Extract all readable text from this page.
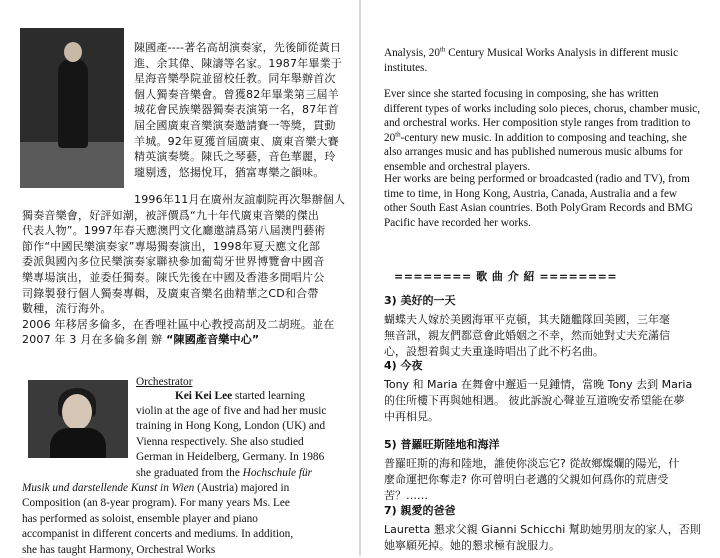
陳國產----著名高胡演奏家，先後師從黃日
進、余其偉、陳濤等名家。1987年畢業于
星海音樂學院並留校任教。同年舉辦首次
個人獨奏音樂會。曾獲82年畢業第三屆羊
城花會民族樂器獨奏表演第一名，87年首
屆全國廣東音樂演奏邀請賽一等獎，貫動
羊城。92年夏獲首屆廣東、廣東音樂大賽
精英演奏獎。陳氏之琴藝，音色華麗，玲
瓏剔透，悠揚悅耳，猶富專樂之韻味。
1996年11月在廣州友誼劇院再次舉辦個人
獨奏音樂會，好評如潮，被評價爲“九十年代廣東音樂的傑出
代表人物”。1997年春天應澳門文化廳邀請爲第八屆澳門藝術
節作“中國民樂演奏家”專場獨奏演出，1998年夏天應文化部
委派與國內多位民樂演奏家聯袂參加葡萄牙世界博覽會中國音
樂專場演出，並委任獨奏。陳氏先後在中國及香港多間唱片公
司錄製發行個人獨奏專輯，及廣東音樂名曲精華之CD和合帶
數種，流行海外。
2006 年移居多倫多，在香哩社區中心教授高胡及二胡班。並在
2007 年 3 月在多倫多創 辦 “陳國產音樂中心”
Orchestrator
Kei Kei Lee started learning
violin at the age of five and had her music
training in Hong Kong, London (UK) and
Vienna respectively. She also studied
German in Heidelberg, Germany. In 1986
she graduated from the Hochschule für
Musik und darstellende Kunst in Wien (Austria) majored in
Composition (an 8-year program). For many years Ms. Lee
has performed as soloist, ensemble player and piano
accompanist in different concerts and mediums. In addition,
she has taught Harmony, Orchestral Works
Analysis, 20th Century Musical Works Analysis in different music
institutes.
Ever since she started focusing in composing, she has written
different types of works including solo pieces, chorus, chamber music,
and orchestral works. Her composition style ranges from tradition to
20th-century new music. In addition to composing and teaching, she
also arranges music and has published numerous music albums for
ensemble and orchestral players.
Her works are being performed or broadcasted (radio and TV), from
time to time, in Hong Kong, Austria, Canada, Australia and a few
other South East Asian countries. Both PolyGram Records and BMG
Pacific have recorded her works.
======== 歌 曲 介 紹 ========
3) 美好的一天
蝴蝶夫人嫁於美國海軍平克頓，其夫隨艦隊回美國，三年毫
無音訊，親友們都意會此婚姻之不幸，然而她對丈夫充滿信
心，設想着與丈夫重逢時唱出了此不朽名曲。
4) 今夜
Tony 和 Maria 在舞會中邂逅一見鍾情，當晚 Tony 去到 Maria
的住所樓下再與她相遇。 彼此訴說心聲並互道晚安希望能在夢
中再相見。
5) 普羅旺斯陸地和海洋
普羅旺斯的海和陸地，誰使你淡忘它? 從故鄉燦爛的陽光，什
麼命運把你奪走? 你可曾明白老邁的父親如何爲你的荒唐受
苦？……
7) 親愛的爸爸
Lauretta 懇求父親 Gianni Schicchi 幫助她男朋友的家人，否則
她寧願死掉。她的懇求極有說服力。
